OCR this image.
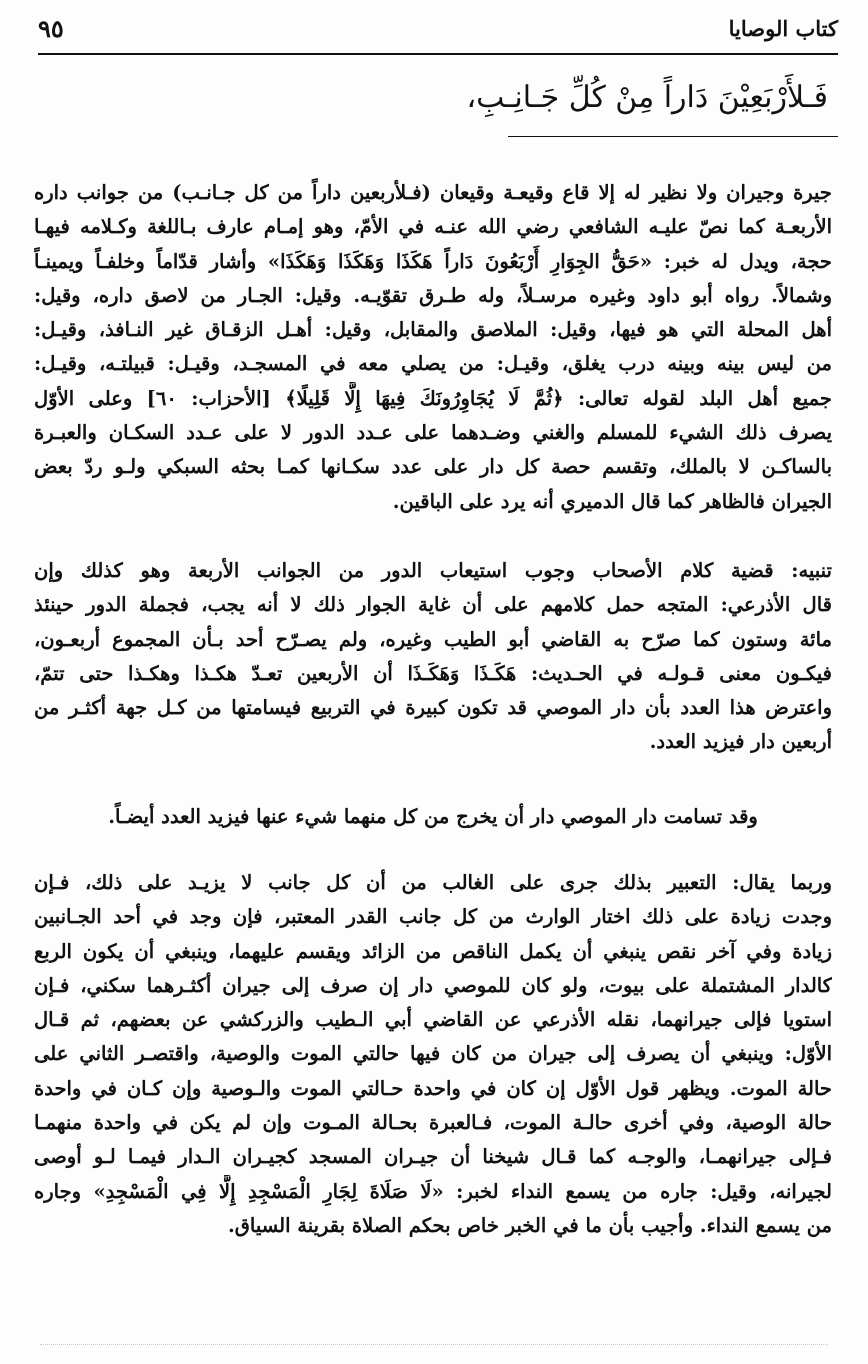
كتاب الوصايا
٩٥
فَـلأَرْبَعِيْنَ دَاراً مِنْ كُلِّ جَـانِـبِ،
جيرة وجيران ولا نظير له إلا قاع وقيعـة وقيعان (فـلأربعين داراً من كل جـانـب) من جوانب داره
الأربعـة كما نصّ عليـه الشافعي رضي الله عنـه في الأمّ، وهو إمـام عارف بـاللغة وكـلامه فيهـا
حجة، ويدل له خبر: «حَقُّ الجِوَارِ أَرْبَعُونَ دَاراً هَكَذَا وَهَكَذَا وَهَكَذَا» وأشار قدّاماً وخلفـاً ويمينـاً
وشمالاً. رواه أبو داود وغيره مرسـلاً، وله طـرق تقوّيـه. وقيل: الجـار من لاصق داره، وقيل:
أهل المحلة التي هو فيها، وقيل: الملاصق والمقابل، وقيل: أهـل الزقـاق غير النـافذ، وقيـل:
من ليس بينه وبينه درب يغلق، وقيـل: من يصلي معه في المسجـد، وقيـل: قبيلتـه، وقيـل:
جميع أهل البلد لقوله تعالى: ﴿ثُمَّ لَا يُجَاوِرُونَكَ فِيهَا إِلَّا قَلِيلًا﴾ [الأحزاب: ٦٠] وعلى الأوّل
يصرف ذلك الشيء للمسلم والغني وضـدهما على عـدد الدور لا على عـدد السكـان والعبـرة
بالساكـن لا بالملك، وتقسم حصة كل دار على عدد سكـانها كمـا بحثه السبكي ولـو ردّ بعض
الجيران فالظاهر كما قال الدميري أنه يرد على الباقين.
تنبيه: قضية كلام الأصحاب وجوب استيعاب الدور من الجوانب الأربعة وهو كذلك وإن
قال الأذرعي: المتجه حمل كلامهم على أن غاية الجوار ذلك لا أنه يجب، فجملة الدور حينئذ
مائة وستون كما صرّح به القاضي أبو الطيب وغيره، ولم يصـرّح أحد بـأن المجموع أربعـون،
فيكـون معنى قـولـه في الحـديث: هَكَـذَا وَهَكَـذَا أن الأربعين تعـدّ هكـذا وهكـذا حتى تتمّ،
واعترض هذا العدد بأن دار الموصي قد تكون كبيرة في التربيع فيسامتها من كـل جهة أكثـر من
أربعين دار فيزيد العدد.
وقد تسامت دار الموصي دار أن يخرج من كل منهما شيء عنها فيزيد العدد أيضـاً.
وربما يقال: التعبير بذلك جرى على الغالب من أن كل جانب لا يزيـد على ذلك، فـإن
وجدت زيادة على ذلك اختار الوارث من كل جانب القدر المعتبر، فإن وجد في أحد الجـانبين
زيادة وفي آخر نقص ينبغي أن يكمل الناقص من الزائد ويقسم عليهما، وينبغي أن يكون الربع
كالدار المشتملة على بيوت، ولو كان للموصي دار إن صرف إلى جيران أكثـرهما سكني، فـإن
استويا فإلى جيرانهما، نقله الأذرعي عن القاضي أبي الـطيب والزركشي عن بعضهم، ثم قـال
الأوّل: وينبغي أن يصرف إلى جيران من كان فيها حالتي الموت والوصية، واقتصـر الثاني على
حالة الموت. ويظهر قول الأوّل إن كان في واحدة حـالتي الموت والـوصية وإن كـان في واحدة
حالة الوصية، وفي أخرى حالـة الموت، فـالعبرة بحـالة المـوت وإن لم يكن في واحدة منهمـا
فـإلى جيرانهمـا، والوجـه كما قـال شيخنا أن جيـران المسجد كجيـران الـدار فيمـا لـو أوصى
لجيرانه، وقيل: جاره من يسمع النداء لخبر: «لَا صَلَاةَ لِجَارِ الْمَسْجِدِ إِلَّا فِي الْمَسْجِدِ» وجاره
من يسمع النداء. وأجيب بأن ما في الخبر خاص بحكم الصلاة بقرينة السياق.
